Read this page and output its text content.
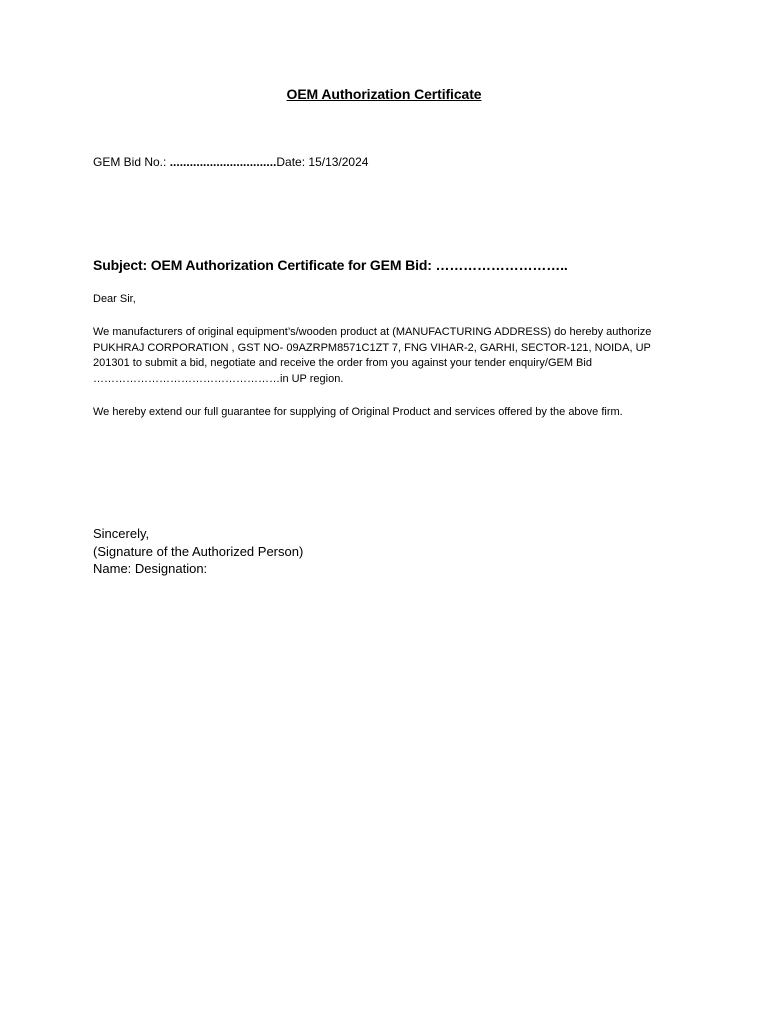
OEM Authorization Certificate
GEM Bid No.: ................................Date: 15/13/2024
Subject: OEM Authorization Certificate for GEM Bid: ………………………..
Dear Sir,
We manufacturers of original equipment’s/wooden product at (MANUFACTURING ADDRESS) do hereby authorize PUKHRAJ CORPORATION , GST NO- 09AZRPM8571C1ZT 7, FNG VIHAR-2, GARHI, SECTOR-121, NOIDA, UP 201301 to submit a bid, negotiate and receive the order from you against your tender enquiry/GEM Bid ……………………………………………in UP region.
We hereby extend our full guarantee for supplying of Original Product and services offered by the above firm.
Sincerely,
(Signature of the Authorized Person)
Name: Designation:
